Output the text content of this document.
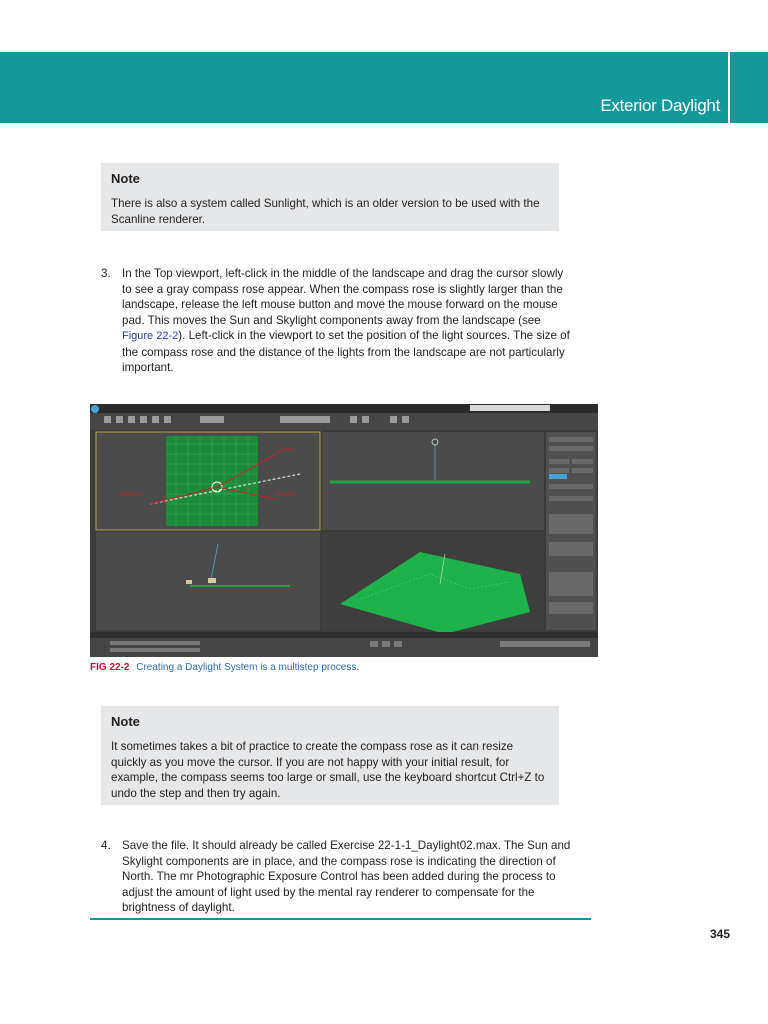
Exterior Daylight

Note

There is also a system called Sunlight, which is an older version to be used with the Scanline renderer.

3. In the Top viewport, left-click in the middle of the landscape and drag the cursor slowly to see a gray compass rose appear. When the compass rose is slightly larger than the landscape, release the left mouse button and move the mouse forward on the mouse pad. This moves the Sun and Skylight components away from the landscape (see Figure 22-2). Left-click in the viewport to set the position of the light sources. The size of the compass rose and the distance of the lights from the landscape are not particularly important.
Cursor
Compass	Sun and
FIG 22-2 Creating a Daylight System is a multistep process.

Note

It sometimes takes a bit of practice to create the compass rose as it can resize quickly as you move the cursor. If you are not happy with your initial result, for example, the compass seems too large or small, use the keyboard shortcut Ctrl+Z to undo the step and then try again.

4. Save the file. It should already be called Exercise 22-1-1_Daylight02.max. The Sun and Skylight components are in place, and the compass rose is indicating the direction of North. The mr Photographic Exposure Control has been added during the process to adjust the amount of light used by the mental ray renderer to compensate for the brightness of daylight.
345
